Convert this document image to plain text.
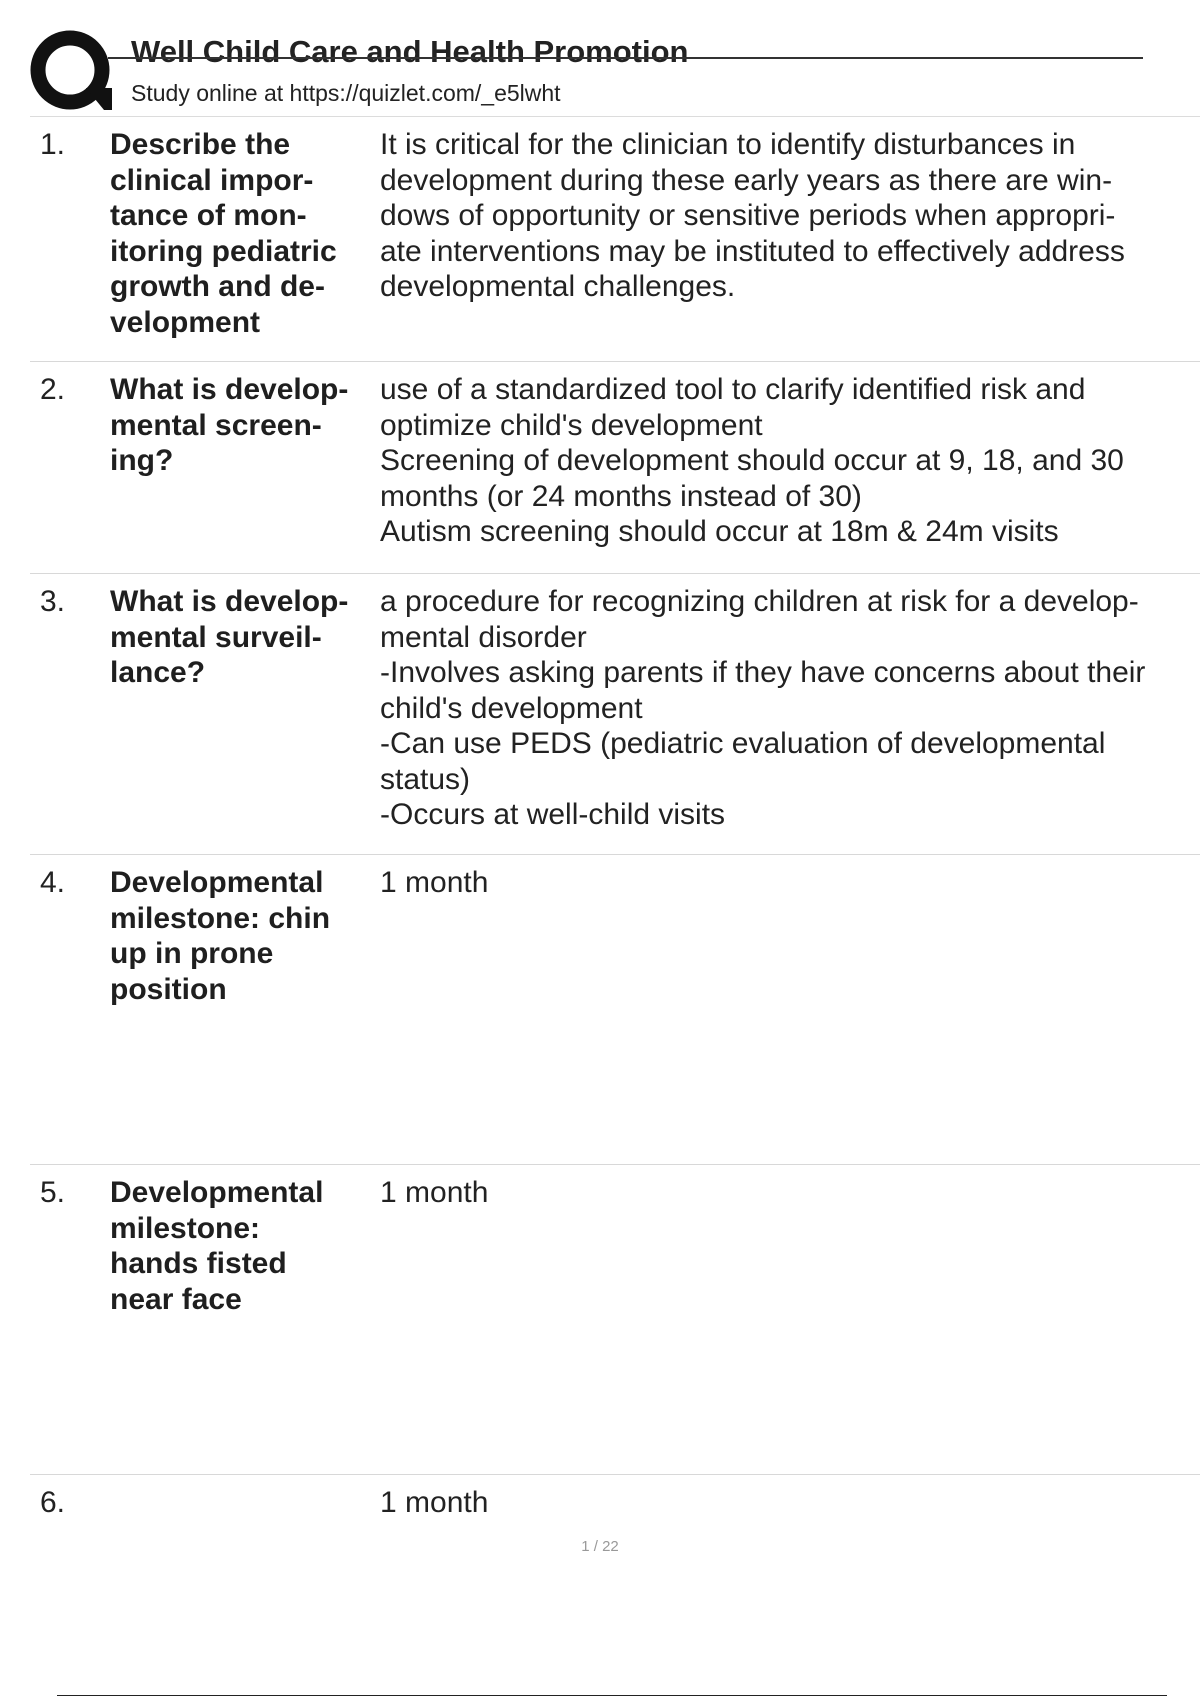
Well Child Care and Health Promotion
Study online at https://quizlet.com/_e5lwht
1. Describe the
clinical impor-
tance of mon-
itoring pediatric
growth and de-
velopment
It is critical for the clinician to identify disturbances in
development during these early years as there are win-
dows of opportunity or sensitive periods when appropri-
ate interventions may be instituted to effectively address
developmental challenges.
2. What is develop-
mental screen-
ing?
use of a standardized tool to clarify identified risk and
optimize child's development
Screening of development should occur at 9, 18, and 30
months (or 24 months instead of 30)
Autism screening should occur at 18m & 24m visits
3. What is develop-
mental surveil-
lance?
a procedure for recognizing children at risk for a develop-
mental disorder
-Involves asking parents if they have concerns about their
child's development
-Can use PEDS (pediatric evaluation of developmental
status)
-Occurs at well-child visits
4. Developmental
milestone: chin
up in prone
position
1 month
5. Developmental
milestone:
hands fisted
near face
1 month
6.	1 month
1 / 22
